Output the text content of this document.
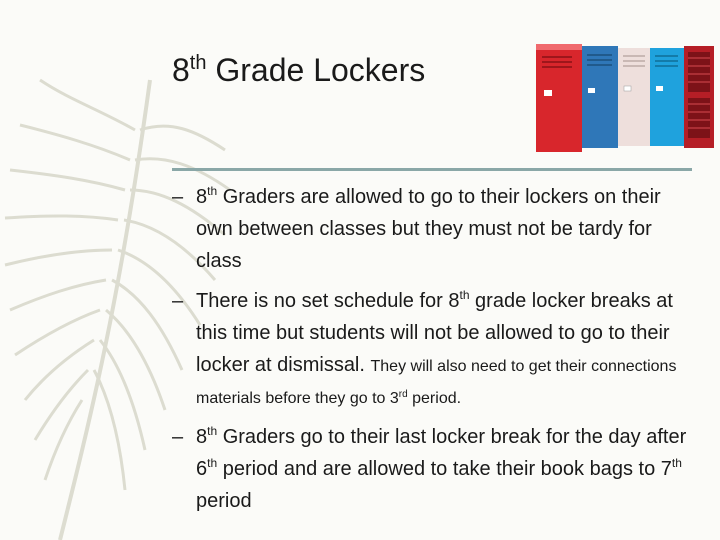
8th Grade Lockers
– 8th Graders are allowed to go to their lockers on their own between classes but they must not be tardy for class
– There is no set schedule for 8th grade locker breaks at this time but students will not be allowed to go to their locker at dismissal. They will also need to get their connections materials before they go to 3rd period.
– 8th Graders go to their last locker break for the day after 6th period and are allowed to take their book bags to 7th period
